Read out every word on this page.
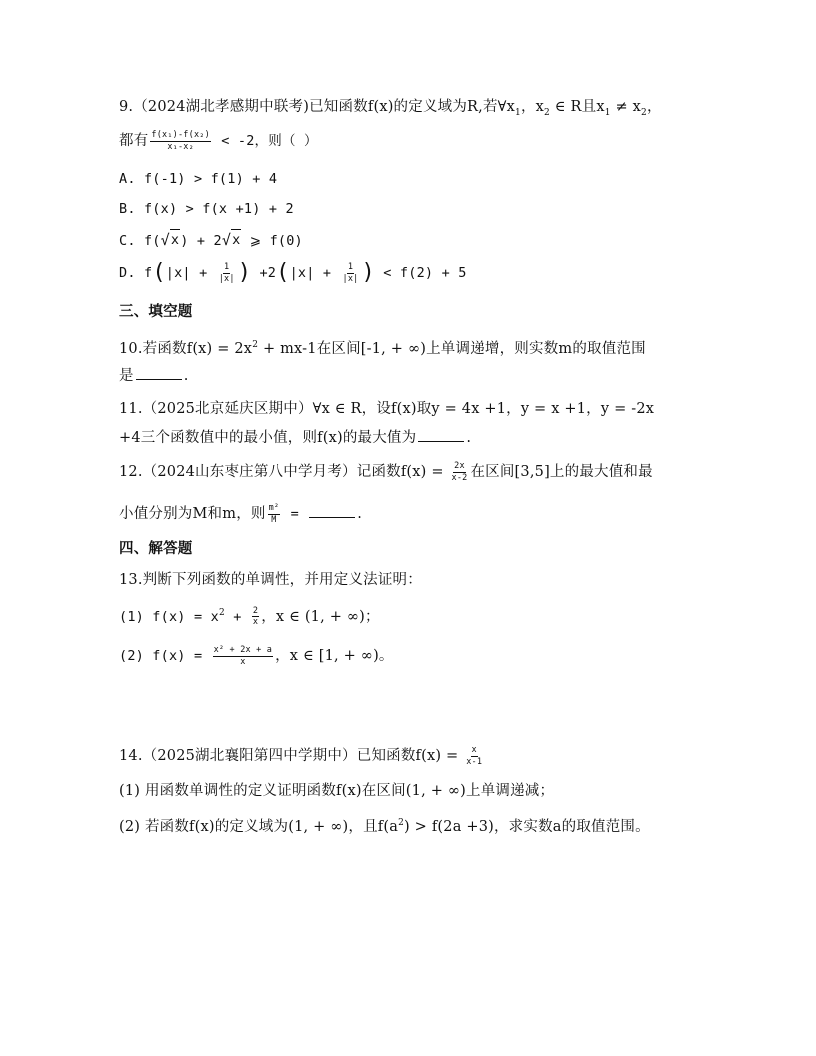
9.（2024湖北孝感期中联考)已知函数f(x)的定义域为R,若$\forall x_1$，$x_2$ ∈ R且$x_1 \ne x_2$，
都有 $\frac{\text{f(x₁)-f(x₂)}}{\text{x₁-x₂}} < -2$，则（ ）
A. f(-1) > f(1) + 4
B. f(x) > f(x +1) + 2
C. f( √ x ) + 2 √ x ⩾ f(0)
D. $f(|x| + \frac{1}{|x|}$ ) $+2(|x| + \frac{1}{|x|}$ ) < f(2) + 5
三、填空题
10.若函数$f(x) = 2x^2 + mx-1$在区间[-1, + ∞)上单调递增，则实数m的取值范围
是	.
11.（2025北京延庆区期中）∀x ∈ R，设f(x)取y = 4x +1，y = x +1，y = -2x
+4三个函数值中的最小值，则f(x)的最大值为	.
12.（2024山东枣庄第八中学月考）记函数$f(x) = \frac{2x}{x-2}$ 在区间[3,5]上的最大值和最
小值分别为M和m，则 $\frac{\text{m²}}{M}$ =	.
四、解答题
13.判断下列函数的单调性，并用定义法证明：
(1) $f(x) = x^2 + \frac{2}{x}$ ，x ∈ (1, + ∞)；
(2) $f(x) = \frac{\text{x² + 2x + a}}{x}$ ，x ∈ [1, + ∞)。
14.（2025湖北襄阳第四中学期中）已知函数$f(x) = \frac{x}{x-1}$
(1) 用函数单调性的定义证明函数f(x)在区间(1, + ∞)上单调递减；
(2) 若函数f(x)的定义域为(1, + ∞)，且$f(a^2) > f(2a +3)$，求实数a的取值范围。
